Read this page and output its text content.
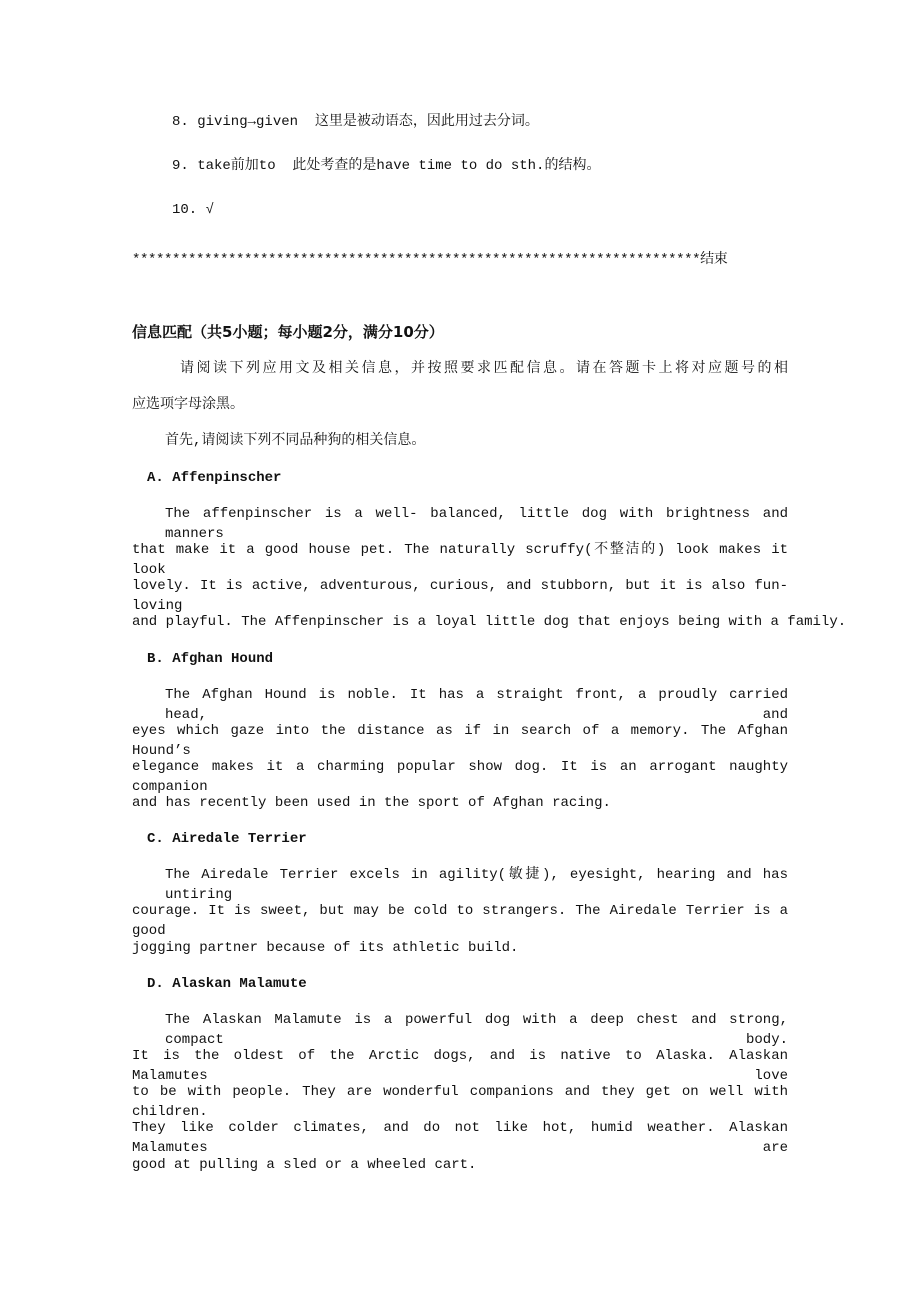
8. giving→given  这里是被动语态，因此用过去分词。
9. take前加to  此处考查的是have time to do sth.的结构。
10. √
***********************************************************************结束
信息匹配（共5小题；每小题2分，满分10分）
请阅读下列应用文及相关信息，并按照要求匹配信息。请在答题卡上将对应题号的相
应选项字母涂黑。
首先,请阅读下列不同品种狗的相关信息。
A. Affenpinscher
The affenpinscher is a well- balanced, little dog with brightness and manners
that make it a good house pet. The naturally scruffy(不整洁的) look makes it look
lovely. It is active, adventurous, curious, and stubborn, but it is also fun-loving
and playful. The Affenpinscher is a loyal little dog that enjoys being with a family.
B. Afghan Hound
The Afghan Hound is noble. It has a straight front, a proudly carried head, and
eyes which gaze into the distance as if in search of a memory. The Afghan Hound’s
elegance makes it a charming popular show dog. It is an arrogant naughty companion
and has recently been used in the sport of Afghan racing.
C. Airedale Terrier
The Airedale Terrier excels in agility(敏捷), eyesight, hearing and has untiring
courage. It is sweet, but may be cold to strangers. The Airedale Terrier is a good
jogging partner because of its athletic build.
D. Alaskan Malamute
The Alaskan Malamute is a powerful dog with a deep chest and strong, compact body.
It is the oldest of the Arctic dogs, and is native to Alaska. Alaskan Malamutes love
to be with people. They are wonderful companions and they get on well with children.
They like colder climates, and do not like hot, humid weather. Alaskan Malamutes are
good at pulling a sled or a wheeled cart.
